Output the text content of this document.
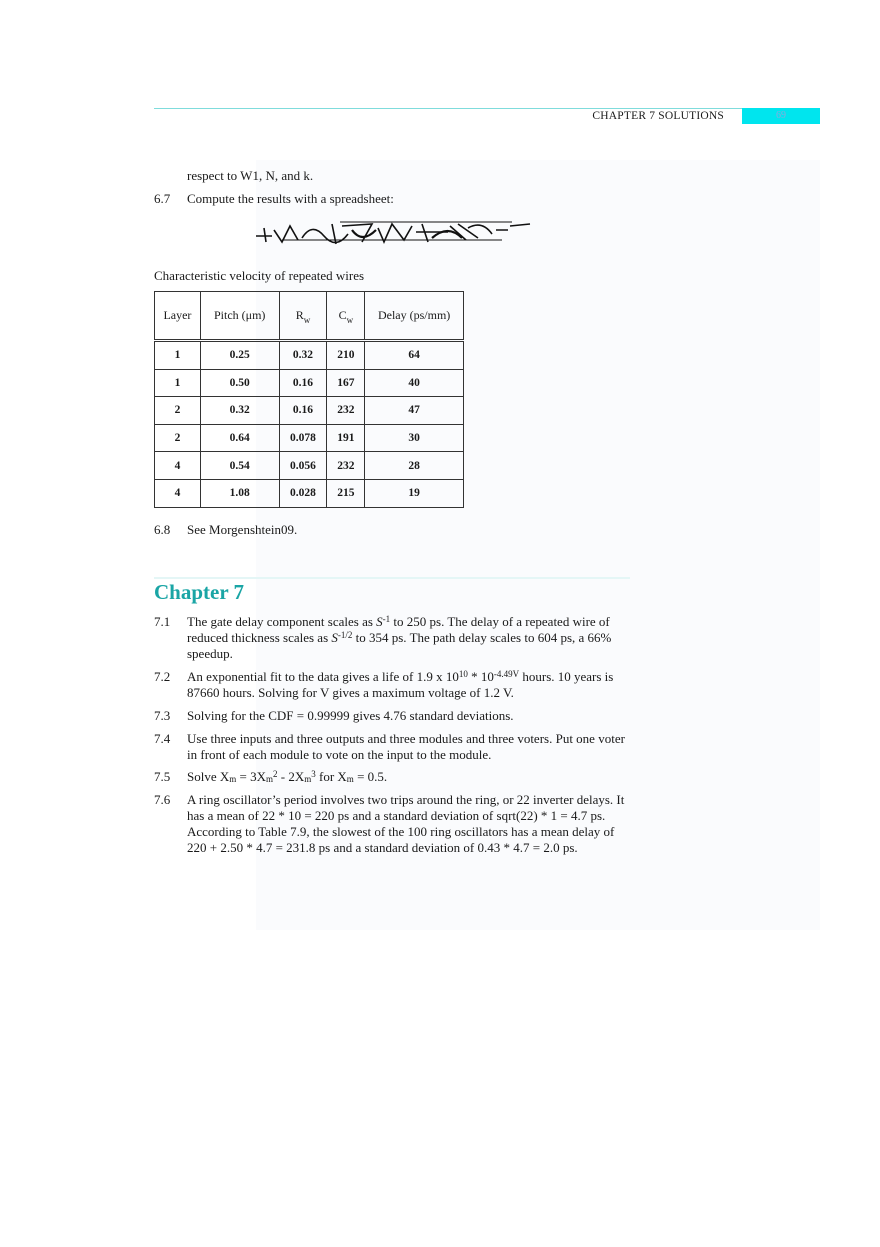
CHAPTER 7 SOLUTIONS	69
respect to W1, N, and k.
6.7 Compute the results with a spreadsheet:
Characteristic velocity of repeated wires
Layer	Pitch (μm)	$R_w$	$C_w$	Delay (ps/mm)
1	0.25	0.32	210	64
1	0.50	0.16	167	40
2	0.32	0.16	232	47
2	0.64	0.078	191	30
4	0.54	0.056	232	28
4	1.08	0.028	215	19
6.8 See Morgenshtein09.
Chapter 7
7.1 The gate delay component scales as $S^{-1}$ to 250 ps. The delay of a repeated wire of reduced thickness scales as $S^{-1/2}$ to 354 ps. The path delay scales to 604 ps, a 66% speedup.
7.2 An exponential fit to the data gives a life of 1.9 x $10^{10} * 10^{-4.49V}$ hours. 10 years is 87660 hours. Solving for V gives a maximum voltage of 1.2 V.
7.3 Solving for the CDF = 0.99999 gives 4.76 standard deviations.
7.4 Use three inputs and three outputs and three modules and three voters. Put one voter in front of each module to vote on the input to the module.
7.5 Solve $X_m = 3X_m^2 - 2X_m^3$ for $X_m = 0.5$.
7.6 A ring oscillator’s period involves two trips around the ring, or 22 inverter delays. It has a mean of 22 * 10 = 220 ps and a standard deviation of sqrt(22) * 1 = 4.7 ps. According to Table 7.9, the slowest of the 100 ring oscillators has a mean delay of 220 + 2.50 * 4.7 = 231.8 ps and a standard deviation of 0.43 * 4.7 = 2.0 ps.
